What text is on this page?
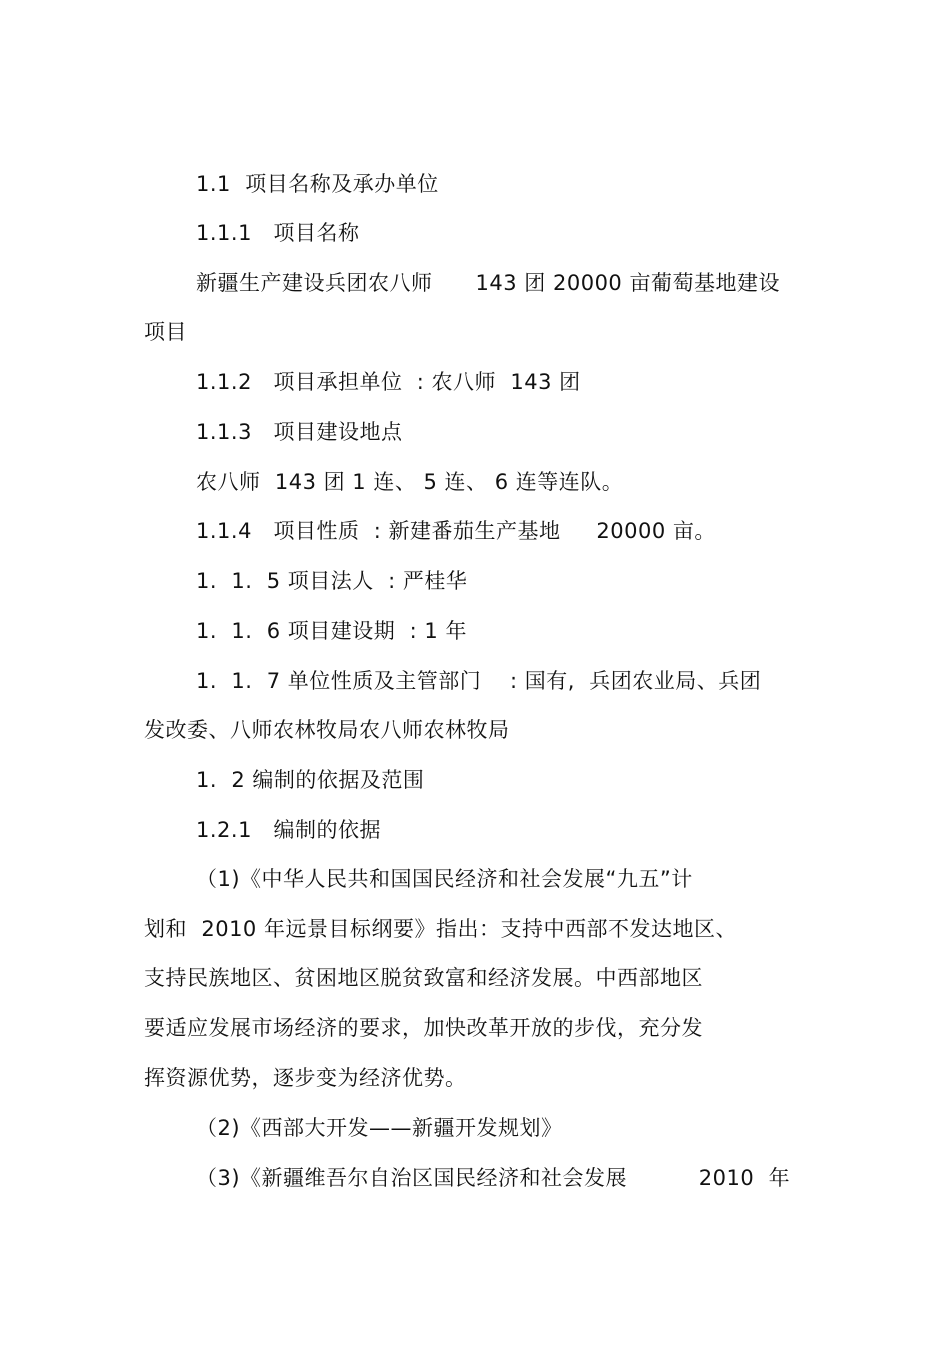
1.1  项目名称及承办单位
1.1.1   项目名称
新疆生产建设兵团农八师      143 团 20000 亩葡萄基地建设
项目
1.1.2   项目承担单位  : 农八师  143 团
1.1.3   项目建设地点
农八师  143 团 1 连、 5 连、 6 连等连队。
1.1.4   项目性质  : 新建番茄生产基地     20000 亩。
1.  1.  5 项目法人  : 严桂华
1.  1.  6 项目建设期  : 1 年
1.  1.  7 单位性质及主管部门    : 国有,  兵团农业局、兵团
发改委、八师农林牧局农八师农林牧局
1.  2 编制的依据及范围
1.2.1   编制的依据
（1)《中华人民共和国国民经济和社会发展“九五”计
划和  2010 年远景目标纲要》指出：支持中西部不发达地区、
支持民族地区、贫困地区脱贫致富和经济发展。中西部地区
要适应发展市场经济的要求，加快改革开放的步伐，充分发
挥资源优势，逐步变为经济优势。
（2)《西部大开发——新疆开发规划》
（3)《新疆维吾尔自治区国民经济和社会发展          2010  年
